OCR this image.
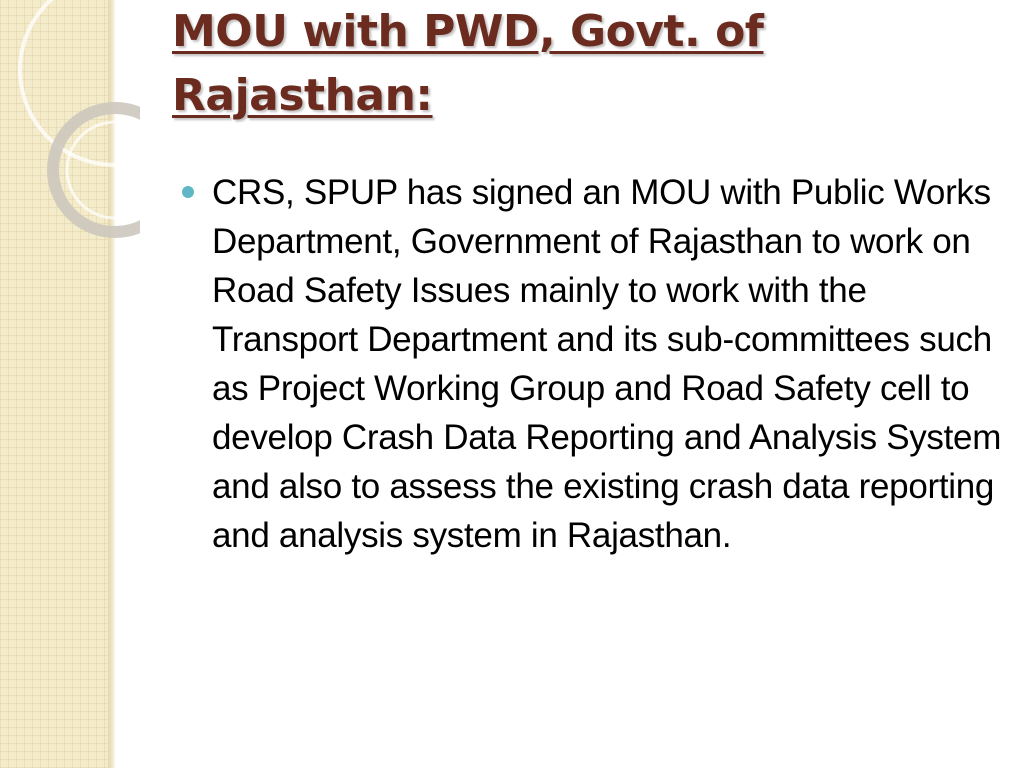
MOU with PWD, Govt. of Rajasthan:
CRS, SPUP has signed an MOU with Public Works Department, Government of Rajasthan to work on Road Safety Issues mainly to work with the Transport Department and its sub-committees such as Project Working Group and Road Safety cell to develop Crash Data Reporting and Analysis System and also to assess the existing crash data reporting and analysis system in Rajasthan.
